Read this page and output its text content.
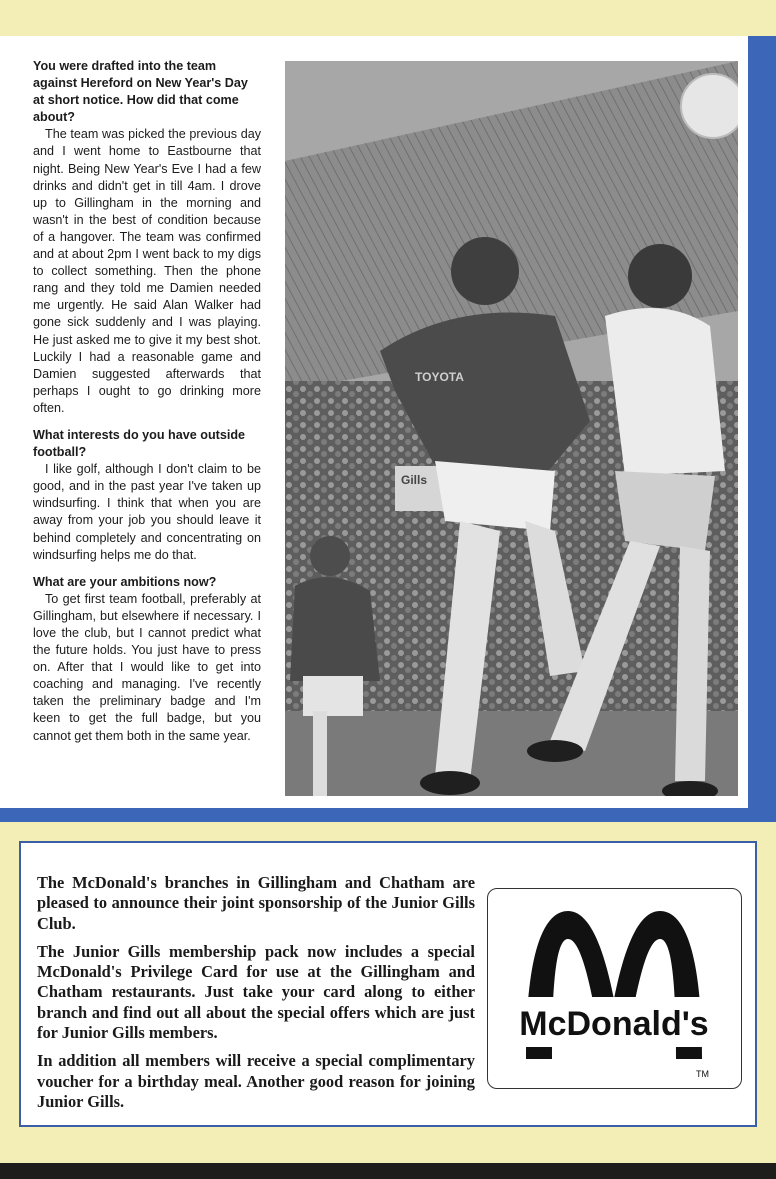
You were drafted into the team against Hereford on New Year's Day at short notice. How did that come about?

The team was picked the previous day and I went home to Eastbourne that night. Being New Year's Eve I had a few drinks and didn't get in till 4am. I drove up to Gillingham in the morning and wasn't in the best of condition because of a hangover. The team was confirmed and at about 2pm I went back to my digs to collect something. Then the phone rang and they told me Damien needed me urgently. He said Alan Walker had gone sick suddenly and I was playing. He just asked me to give it my best shot. Luckily I had a reasonable game and Damien suggested afterwards that perhaps I ought to go drinking more often.

What interests do you have outside football?

I like golf, although I don't claim to be good, and in the past year I've taken up windsurfing. I think that when you are away from your job you should leave it behind completely and concentrating on windsurfing helps me do that.

What are your ambitions now?

To get first team football, preferably at Gillingham, but elsewhere if necessary. I love the club, but I cannot predict what the future holds. You just have to press on. After that I would like to get into coaching and managing. I've recently taken the preliminary badge and I'm keen to get the full badge, but you cannot get them both in the same year.

Gills
TOYOTA

The McDonald's branches in Gillingham and Chatham are pleased to announce their joint sponsorship of the Junior Gills Club.

The Junior Gills membership pack now includes a special McDonald's Privilege Card for use at the Gillingham and Chatham restaurants. Just take your card along to either branch and find out all about the special offers which are just for Junior Gills members.

In addition all members will receive a special complimentary voucher for a birthday meal. Another good reason for joining Junior Gills.

McDonald's
TM
